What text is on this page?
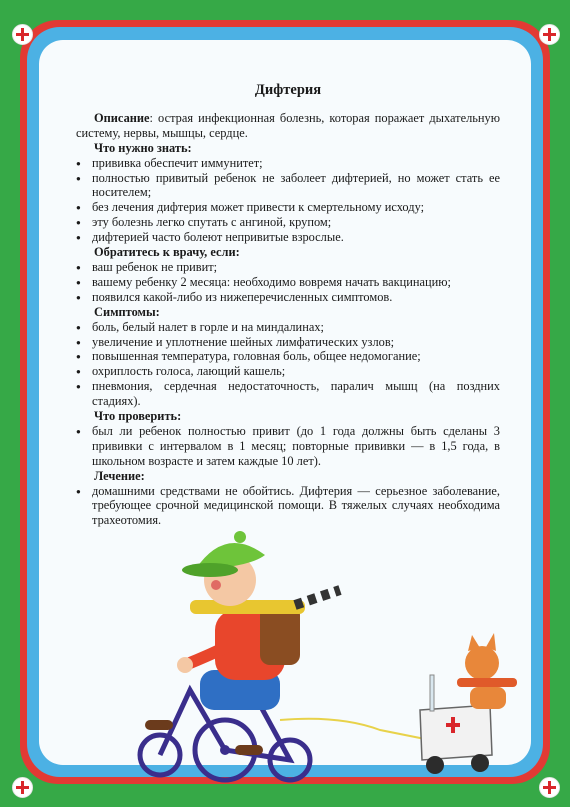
Дифтерия

Описание: острая инфекционная болезнь, которая поражает дыхательную систему, нервы, мышцы, сердце.

Что нужно знать:
● прививка обеспечит иммунитет;
● полностью привитый ребенок не заболеет дифтерией, но может стать ее носителем;
● без лечения дифтерия может привести к смертельному исходу;
● эту болезнь легко спутать с ангиной, крупом;
● дифтерией часто болеют непривитые взрослые.
Обратитесь к врачу, если:
● ваш ребенок не привит;
● вашему ребенку 2 месяца: необходимо вовремя начать вакцинацию;
● появился какой-либо из нижеперечисленных симптомов.
Симптомы:
● боль, белый налет в горле и на миндалинах;
● увеличение и уплотнение шейных лимфатических узлов;
● повышенная температура, головная боль, общее недомогание;
● охриплость голоса, лающий кашель;
● пневмония, сердечная недостаточность, паралич мышц (на поздних стадиях).
Что проверить:
● был ли ребенок полностью привит (до 1 года должны быть сделаны 3 прививки с интервалом в 1 месяц; повторные прививки — в 1,5 года, в школьном возрасте и затем каждые 10 лет).
Лечение:
● домашними средствами не обойтись. Дифтерия — серьезное заболевание, требующее срочной медицинской помощи. В тяжелых случаях необходима трахеотомия.
